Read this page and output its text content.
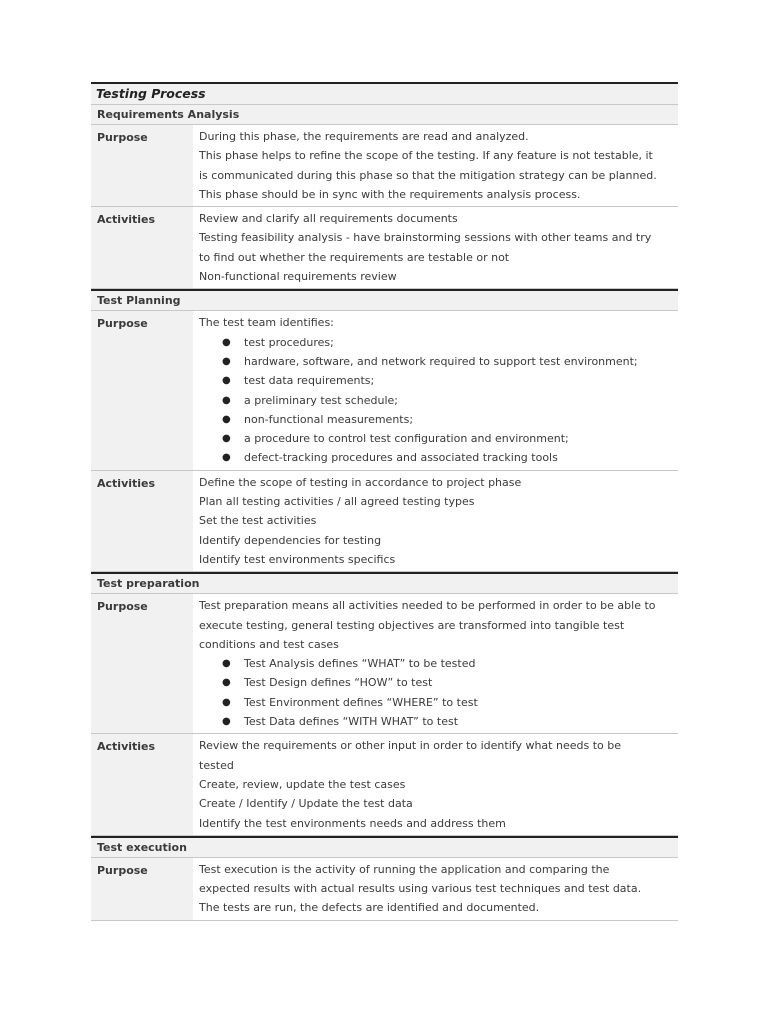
Testing Process
Requirements Analysis
Purpose	During this phase, the requirements are read and analyzed.
This phase helps to refine the scope of the testing. If any feature is not testable, it
is communicated during this phase so that the mitigation strategy can be planned.
This phase should be in sync with the requirements analysis process.
Activities	Review and clarify all requirements documents
Testing feasibility analysis - have brainstorming sessions with other teams and try
to find out whether the requirements are testable or not
Non-functional requirements review
Test Planning
Purpose	The test team identifies:
●	test procedures;
●	hardware, software, and network required to support test environment;
●	test data requirements;
●	a preliminary test schedule;
●	non-functional measurements;
●	a procedure to control test configuration and environment;
●	defect-tracking procedures and associated tracking tools
Activities	Define the scope of testing in accordance to project phase
Plan all testing activities / all agreed testing types
Set the test activities
Identify dependencies for testing
Identify test environments specifics
Test preparation
Purpose	Test preparation means all activities needed to be performed in order to be able to
execute testing, general testing objectives are transformed into tangible test
conditions and test cases
●	Test Analysis defines “WHAT” to be tested
●	Test Design defines “HOW” to test
●	Test Environment defines “WHERE” to test
●	Test Data defines “WITH WHAT” to test
Activities	Review the requirements or other input in order to identify what needs to be
tested
Create, review, update the test cases
Create / Identify / Update the test data
Identify the test environments needs and address them
Test execution
Purpose	Test execution is the activity of running the application and comparing the
expected results with actual results using various test techniques and test data.
The tests are run, the defects are identified and documented.
